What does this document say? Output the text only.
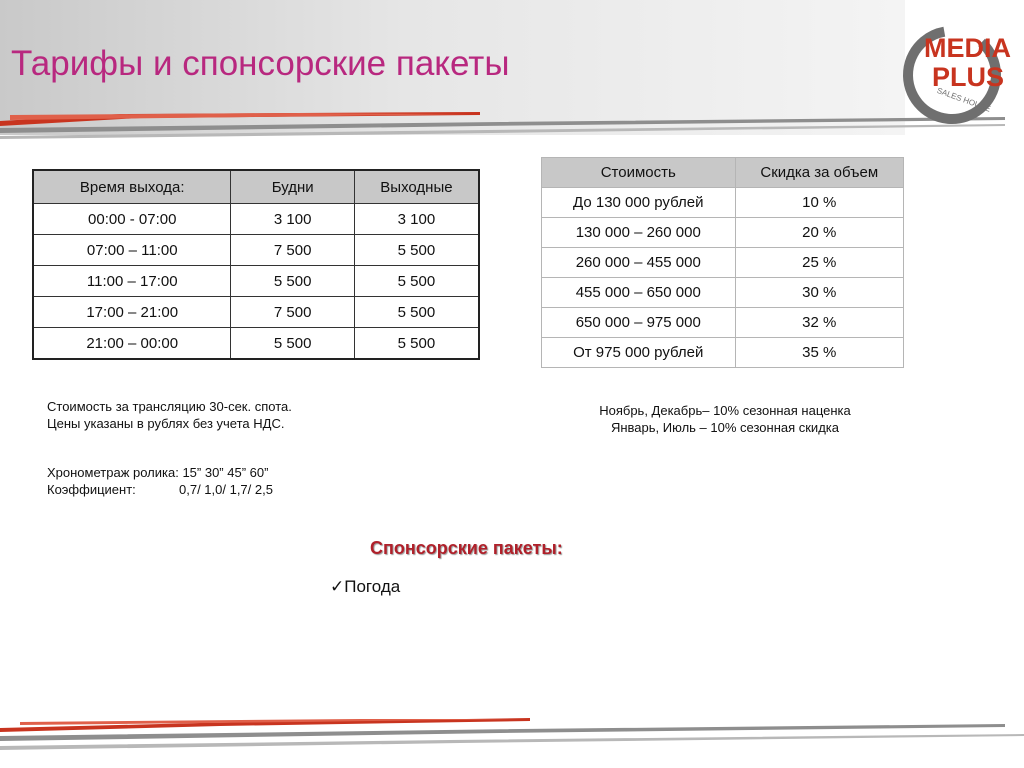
Тарифы и спонсорские пакеты	MEDIA
PLUS
SALES HOUSE
Время выхода:	Будни	Выходные
00:00 - 07:00	3 100	3 100
07:00 – 11:00	7 500	5 500
11:00 – 17:00	5 500	5 500
17:00 – 21:00	7 500	5 500
21:00 – 00:00	5 500	5 500
Стоимость	Скидка за объем
До 130 000 рублей	10 %
130 000 – 260 000	20 %
260 000 – 455 000	25 %
455 000 – 650 000	30 %
650 000 – 975 000	32 %
От 975 000 рублей	35 %

Стоимость за трансляцию 30-сек. спота.

Цены указаны в рублях без учета НДС.

Хронометраж ролика: 15” 30” 45” 60”

Коэффициент:	0,7/ 1,0/ 1,7/ 2,5

Ноябрь, Декабрь– 10% сезонная наценка

Январь, Июль – 10% сезонная скидка

Спонсорские пакеты:
✓Погода
